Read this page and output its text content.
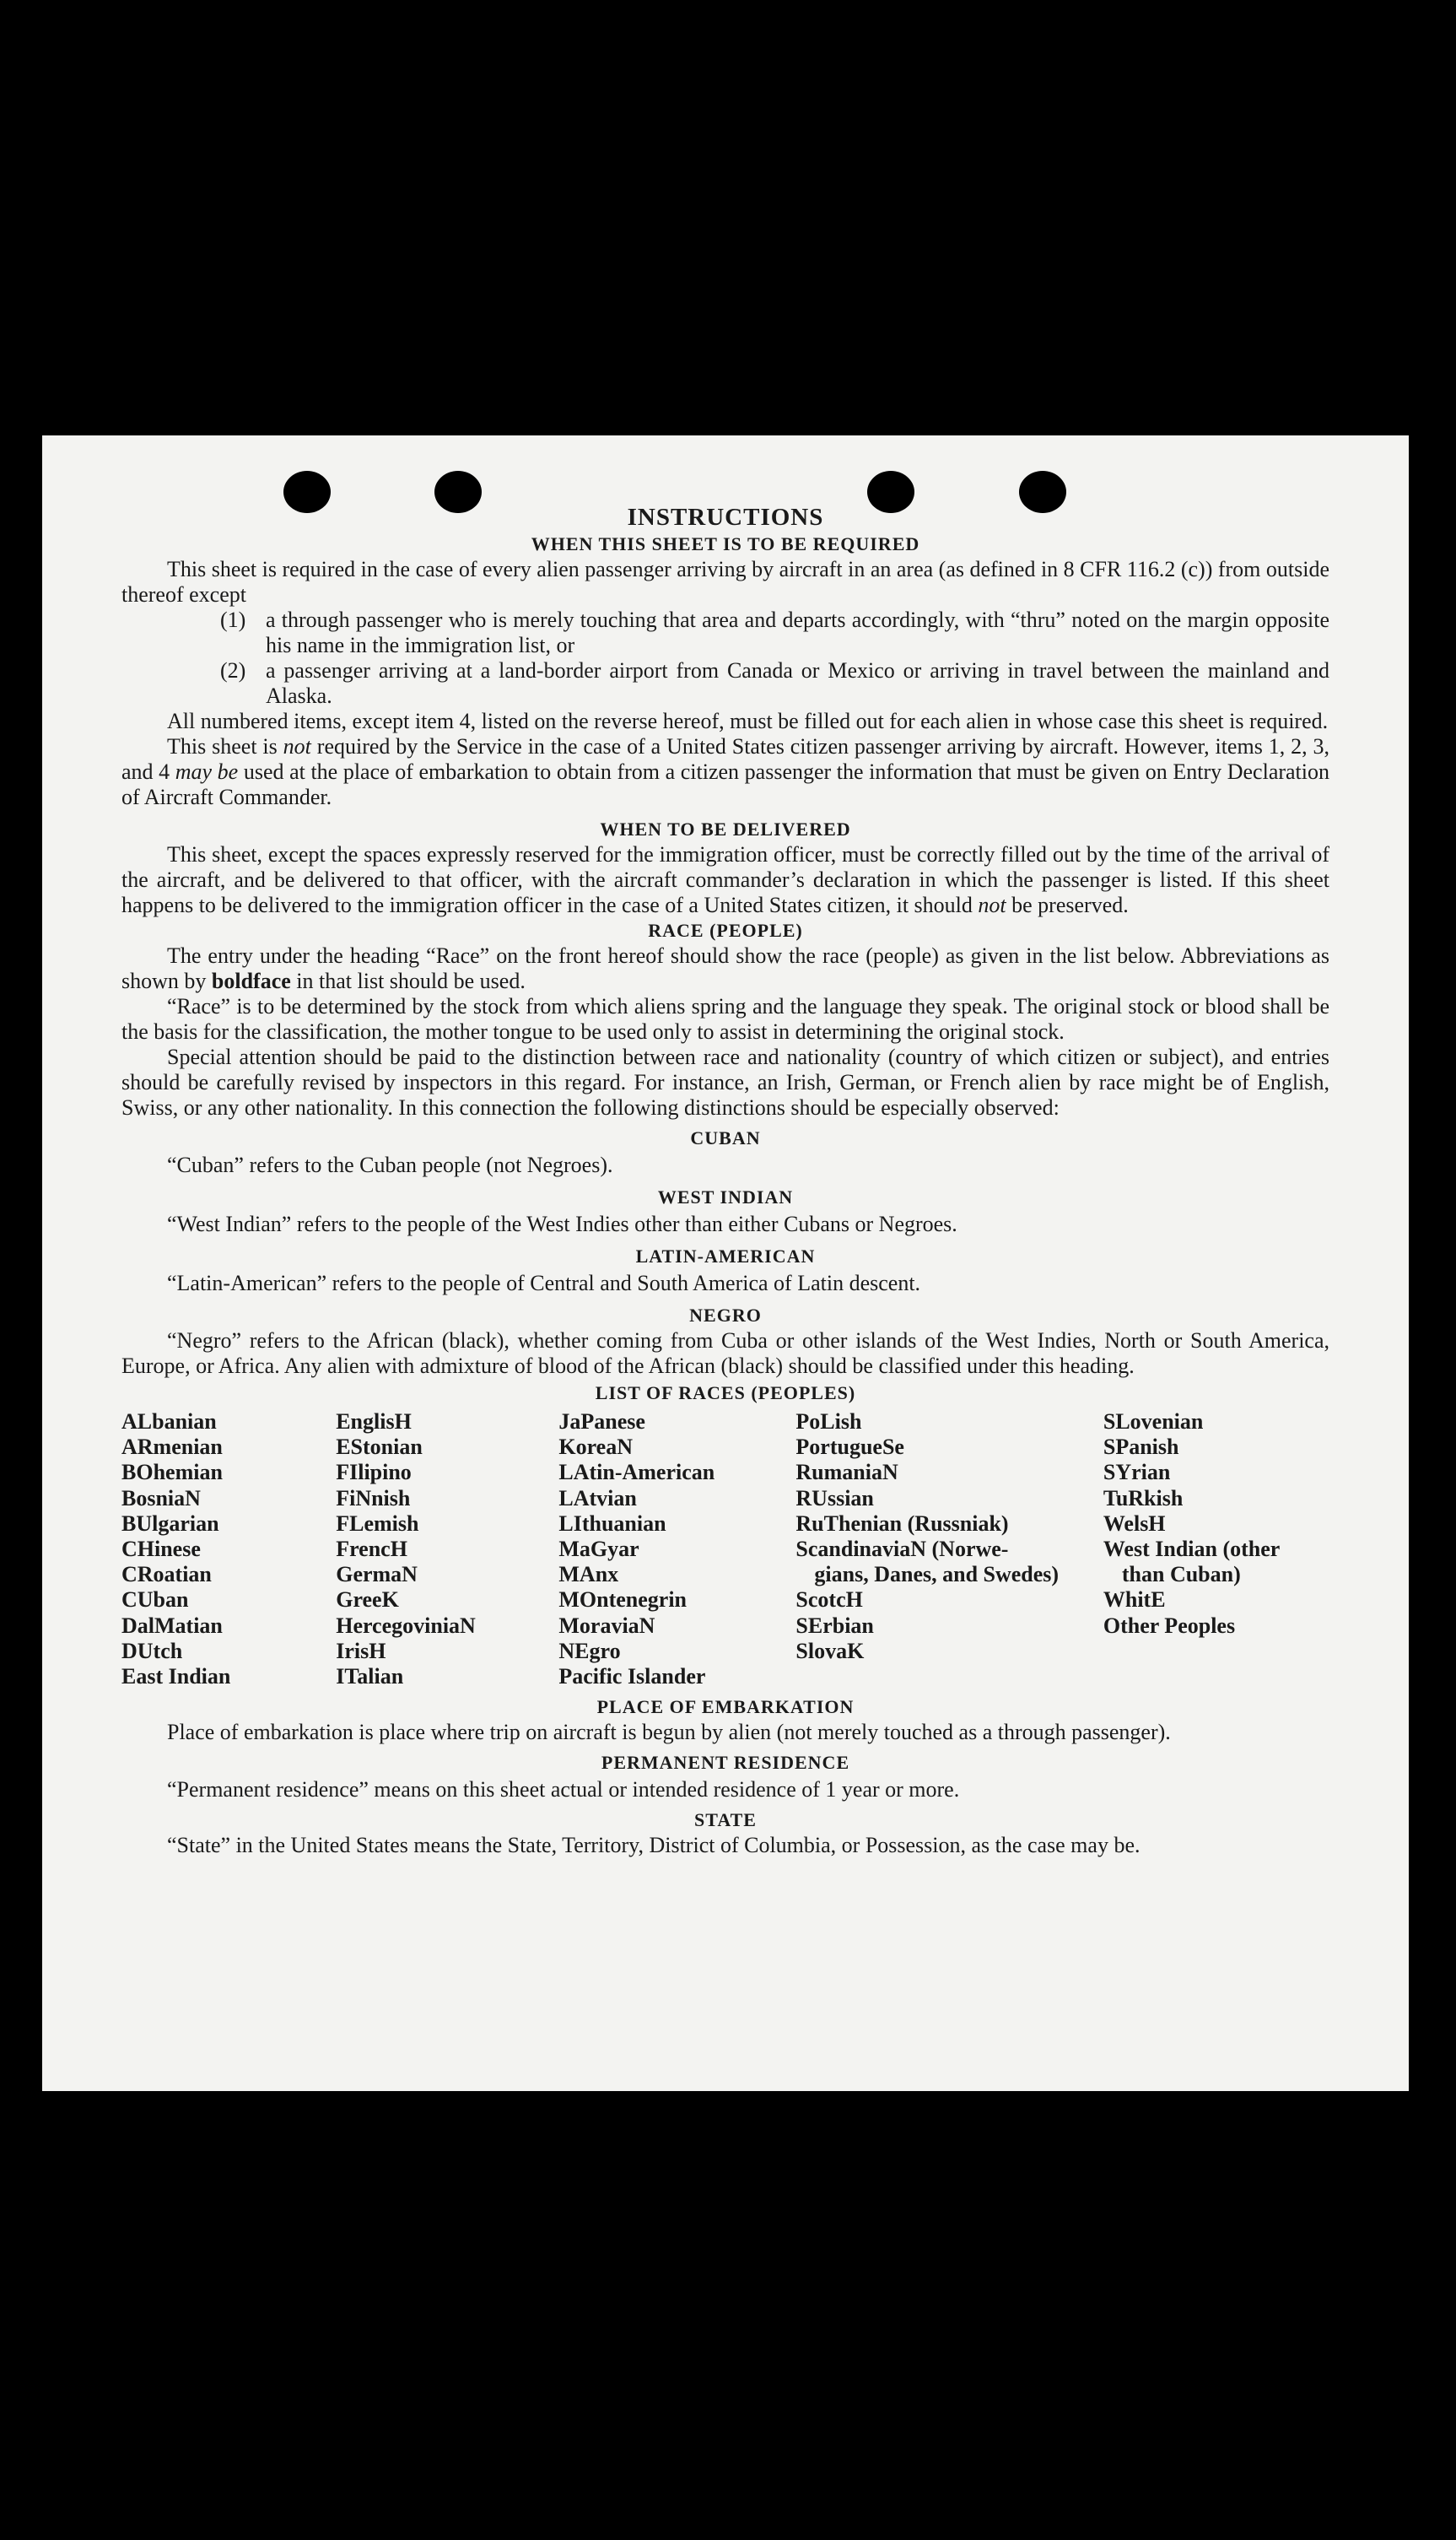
INSTRUCTIONS
WHEN THIS SHEET IS TO BE REQUIRED

This sheet is required in the case of every alien passenger arriving by aircraft in an area (as defined in 8 CFR 116.2 (c)) from outside thereof except

(1) a through passenger who is merely touching that area and departs accordingly, with “thru” noted on the margin opposite his name in the immigration list, or
(2) a passenger arriving at a land-border airport from Canada or Mexico or arriving in travel between the mainland and Alaska.

All numbered items, except item 4, listed on the reverse hereof, must be filled out for each alien in whose case this sheet is required.

This sheet is not required by the Service in the case of a United States citizen passenger arriving by aircraft. However, items 1, 2, 3, and 4 may be used at the place of embarkation to obtain from a citizen passenger the information that must be given on Entry Declaration of Aircraft Commander.

WHEN TO BE DELIVERED

This sheet, except the spaces expressly reserved for the immigration officer, must be correctly filled out by the time of the arrival of the aircraft, and be delivered to that officer, with the aircraft commander’s declaration in which the passenger is listed. If this sheet happens to be delivered to the immigration officer in the case of a United States citizen, it should not be preserved.

RACE (PEOPLE)

The entry under the heading “Race” on the front hereof should show the race (people) as given in the list below. Abbreviations as shown by boldface in that list should be used.

“Race” is to be determined by the stock from which aliens spring and the language they speak. The original stock or blood shall be the basis for the classification, the mother tongue to be used only to assist in determining the original stock.

Special attention should be paid to the distinction between race and nationality (country of which citizen or subject), and entries should be carefully revised by inspectors in this regard. For instance, an Irish, German, or French alien by race might be of English, Swiss, or any other nationality. In this connection the following distinctions should be especially observed:

CUBAN

“Cuban” refers to the Cuban people (not Negroes).

WEST INDIAN

“West Indian” refers to the people of the West Indies other than either Cubans or Negroes.

LATIN-AMERICAN

“Latin-American” refers to the people of Central and South America of Latin descent.

NEGRO

“Negro” refers to the African (black), whether coming from Cuba or other islands of the West Indies, North or South America, Europe, or Africa. Any alien with admixture of blood of the African (black) should be classified under this heading.

LIST OF RACES (PEOPLES)
ALbanian
ARmenian
BOhemian
BosniaN
BUlgarian
CHinese
CRoatian
CUban
DalMatian
DUtch
East Indian
EnglisH
EStonian
FIlipino
FiNnish
FLemish
FrencH
GermaN
GreeK
HercegoviniaN
IrisH
ITalian
JaPanese
KoreaN
LAtin-American
LAtvian
LIthuanian
MaGyar
MAnx
MOntenegrin
MoraviaN
NEgro
Pacific Islander
PoLish
PortugueSe
RumaniaN
RUssian
RuThenian (Russniak)
ScandinaviaN (Norwe-
gians, Danes, and Swedes)
ScotcH
SErbian
SlovaK
SLovenian
SPanish
SYrian
TuRkish
WelsH
West Indian (other
than Cuban)
WhitE
Other Peoples
PLACE OF EMBARKATION

Place of embarkation is place where trip on aircraft is begun by alien (not merely touched as a through passenger).

PERMANENT RESIDENCE

“Permanent residence” means on this sheet actual or intended residence of 1 year or more.

STATE

“State” in the United States means the State, Territory, District of Columbia, or Possession, as the case may be.
